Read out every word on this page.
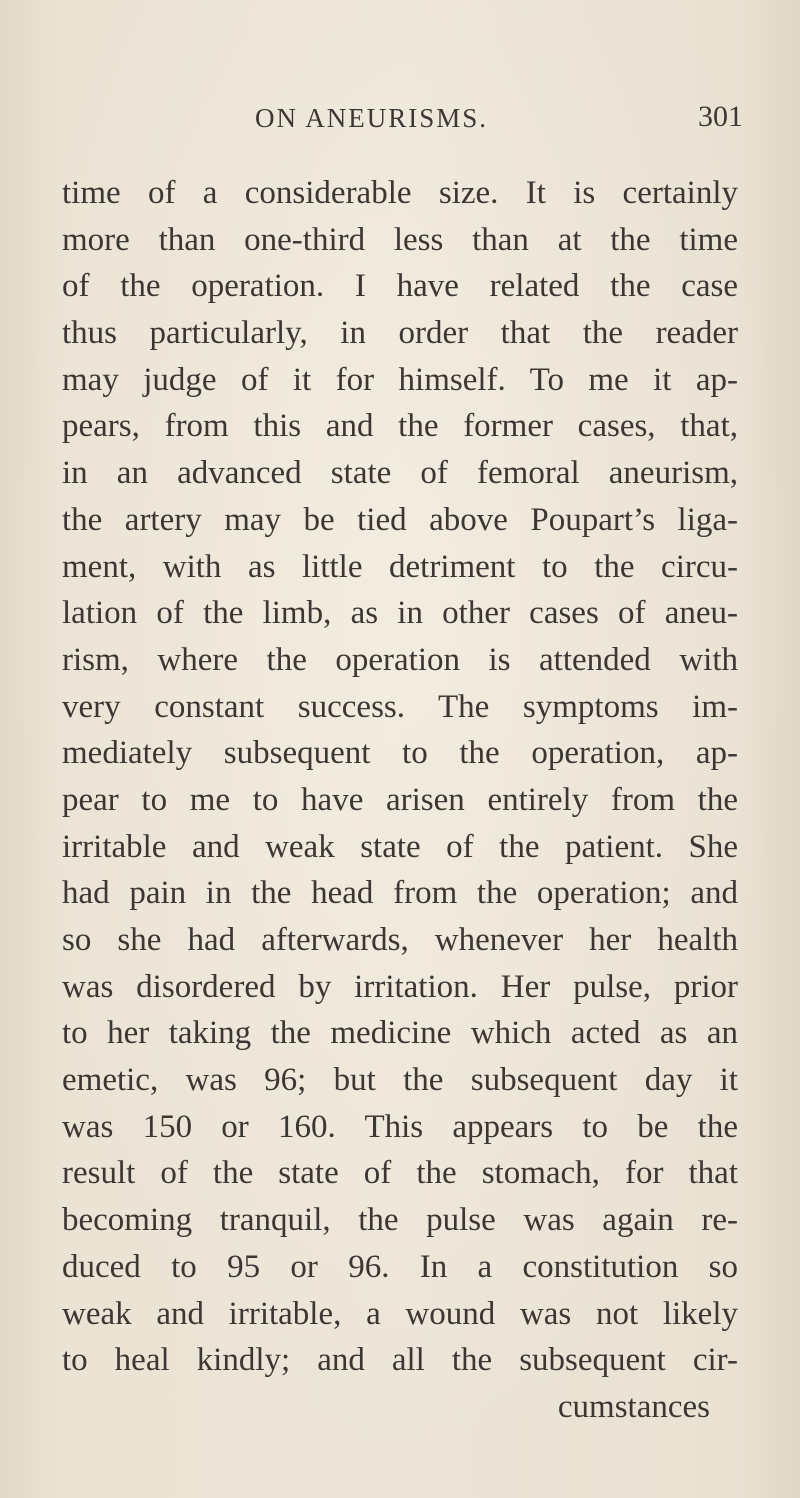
ON ANEURISMS.	301
time of a considerable size. It is certainly
more than one-third less than at the time
of the operation. I have related the case
thus particularly, in order that the reader
may judge of it for himself. To me it ap-
pears, from this and the former cases, that,
in an advanced state of femoral aneurism,
the artery may be tied above Poupart’s liga-
ment, with as little detriment to the circu-
lation of the limb, as in other cases of aneu-
rism, where the operation is attended with
very constant success. The symptoms im-
mediately subsequent to the operation, ap-
pear to me to have arisen entirely from the
irritable and weak state of the patient. She
had pain in the head from the operation; and
so she had afterwards, whenever her health
was disordered by irritation. Her pulse, prior
to her taking the medicine which acted as an
emetic, was 96; but the subsequent day it
was 150 or 160. This appears to be the
result of the state of the stomach, for that
becoming tranquil, the pulse was again re-
duced to 95 or 96. In a constitution so
weak and irritable, a wound was not likely
to heal kindly; and all the subsequent cir-
cumstances
